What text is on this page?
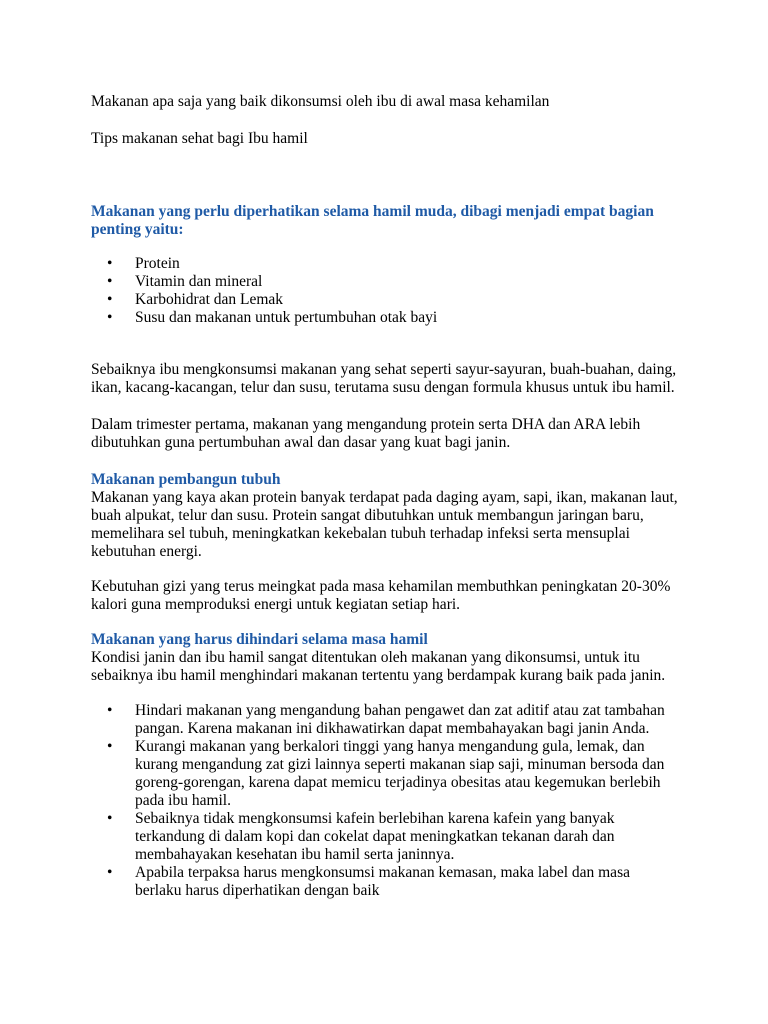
Makanan apa saja yang baik dikonsumsi oleh ibu di awal masa kehamilan

Tips makanan sehat bagi Ibu hamil

Makanan yang perlu diperhatikan selama hamil muda, dibagi menjadi empat bagian penting yaitu:

• Protein
• Vitamin dan mineral
• Karbohidrat dan Lemak
• Susu dan makanan untuk pertumbuhan otak bayi

Sebaiknya ibu mengkonsumsi makanan yang sehat seperti sayur-sayuran, buah-buahan, daing, ikan, kacang-kacangan, telur dan susu, terutama susu dengan formula khusus untuk ibu hamil.

Dalam trimester pertama, makanan yang mengandung protein serta DHA dan ARA lebih dibutuhkan guna pertumbuhan awal dan dasar yang kuat bagi janin.

Makanan pembangun tubuh

Makanan yang kaya akan protein banyak terdapat pada daging ayam, sapi, ikan, makanan laut, buah alpukat, telur dan susu. Protein sangat dibutuhkan untuk membangun jaringan baru, memelihara sel tubuh, meningkatkan kekebalan tubuh terhadap infeksi serta mensuplai kebutuhan energi.

Kebutuhan gizi yang terus meingkat pada masa kehamilan membuthkan peningkatan 20-30% kalori guna memproduksi energi untuk kegiatan setiap hari.

Makanan yang harus dihindari selama masa hamil

Kondisi janin dan ibu hamil sangat ditentukan oleh makanan yang dikonsumsi, untuk itu sebaiknya ibu hamil menghindari makanan tertentu yang berdampak kurang baik pada janin.

• Hindari makanan yang mengandung bahan pengawet dan zat aditif atau zat tambahan pangan. Karena makanan ini dikhawatirkan dapat membahayakan bagi janin Anda.
• Kurangi makanan yang berkalori tinggi yang hanya mengandung gula, lemak, dan kurang mengandung zat gizi lainnya seperti makanan siap saji, minuman bersoda dan goreng-gorengan, karena dapat memicu terjadinya obesitas atau kegemukan berlebih pada ibu hamil.
• Sebaiknya tidak mengkonsumsi kafein berlebihan karena kafein yang banyak terkandung di dalam kopi dan cokelat dapat meningkatkan tekanan darah dan membahayakan kesehatan ibu hamil serta janinnya.
• Apabila terpaksa harus mengkonsumsi makanan kemasan, maka label dan masa berlaku harus diperhatikan dengan baik
